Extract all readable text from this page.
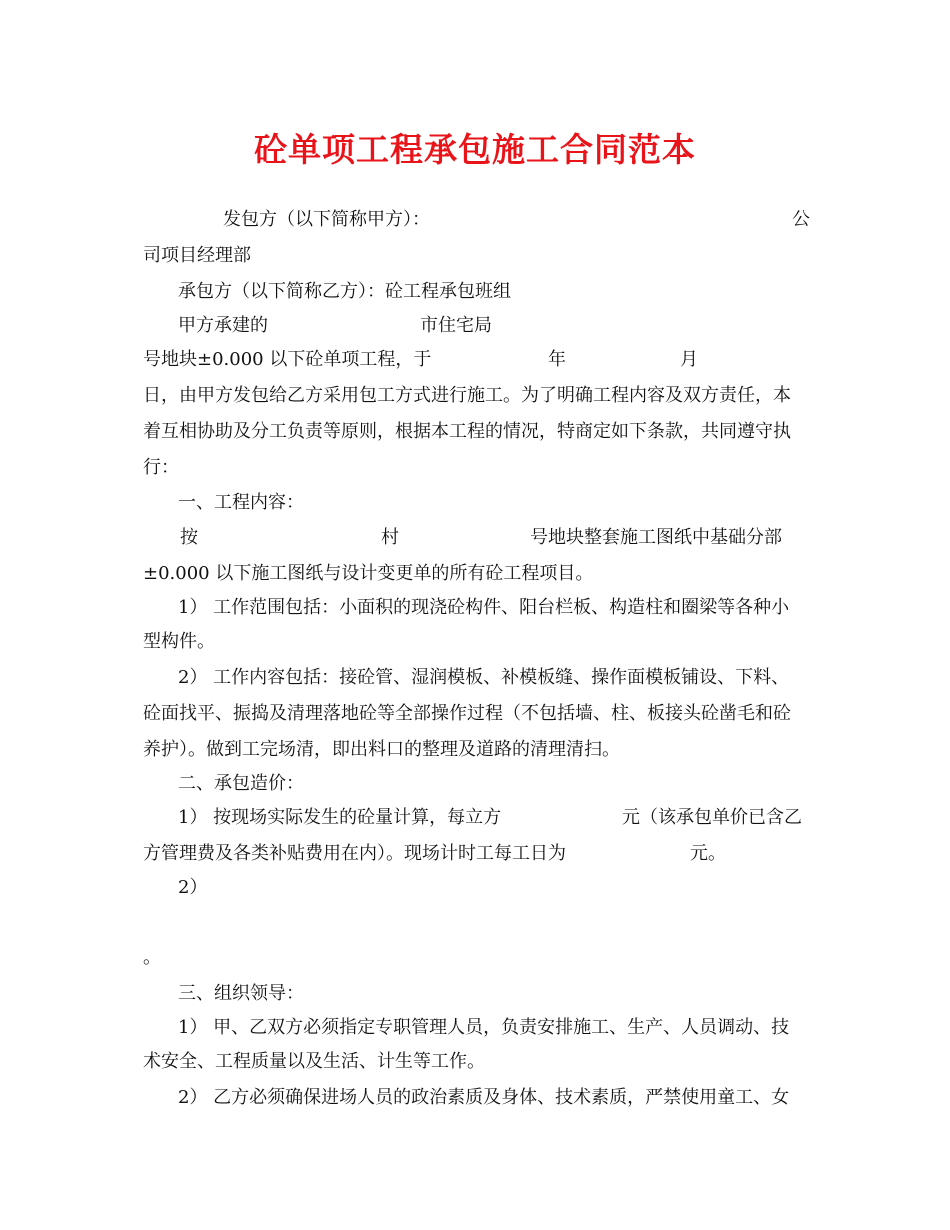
砼单项工程承包施工合同范本
发包方（以下简称甲方）：	公
司项目经理部
承包方（以下简称乙方）：砼工程承包班组
甲方承建的	市住宅局
号地块±0.000 以下砼单项工程，于	年	月
日，由甲方发包给乙方采用包工方式进行施工。为了明确工程内容及双方责任，本
着互相协助及分工负责等原则，根据本工程的情况，特商定如下条款，共同遵守执
行：
一、工程内容：
按	村	号地块整套施工图纸中基础分部
±0.000 以下施工图纸与设计变更单的所有砼工程项目。
1） 工作范围包括：小面积的现浇砼构件、阳台栏板、构造柱和圈梁等各种小
型构件。
2） 工作内容包括：接砼管、湿润模板、补模板缝、操作面模板铺设、下料、
砼面找平、振捣及清理落地砼等全部操作过程（不包括墙、柱、板接头砼凿毛和砼
养护）。做到工完场清，即出料口的整理及道路的清理清扫。
二、承包造价：
1） 按现场实际发生的砼量计算，每立方	元（该承包单价已含乙
方管理费及各类补贴费用在内）。现场计时工每工日为	元。
2）
。
三、组织领导：
1） 甲、乙双方必须指定专职管理人员，负责安排施工、生产、人员调动、技
术安全、工程质量以及生活、计生等工作。
2） 乙方必须确保进场人员的政治素质及身体、技术素质，严禁使用童工、女
